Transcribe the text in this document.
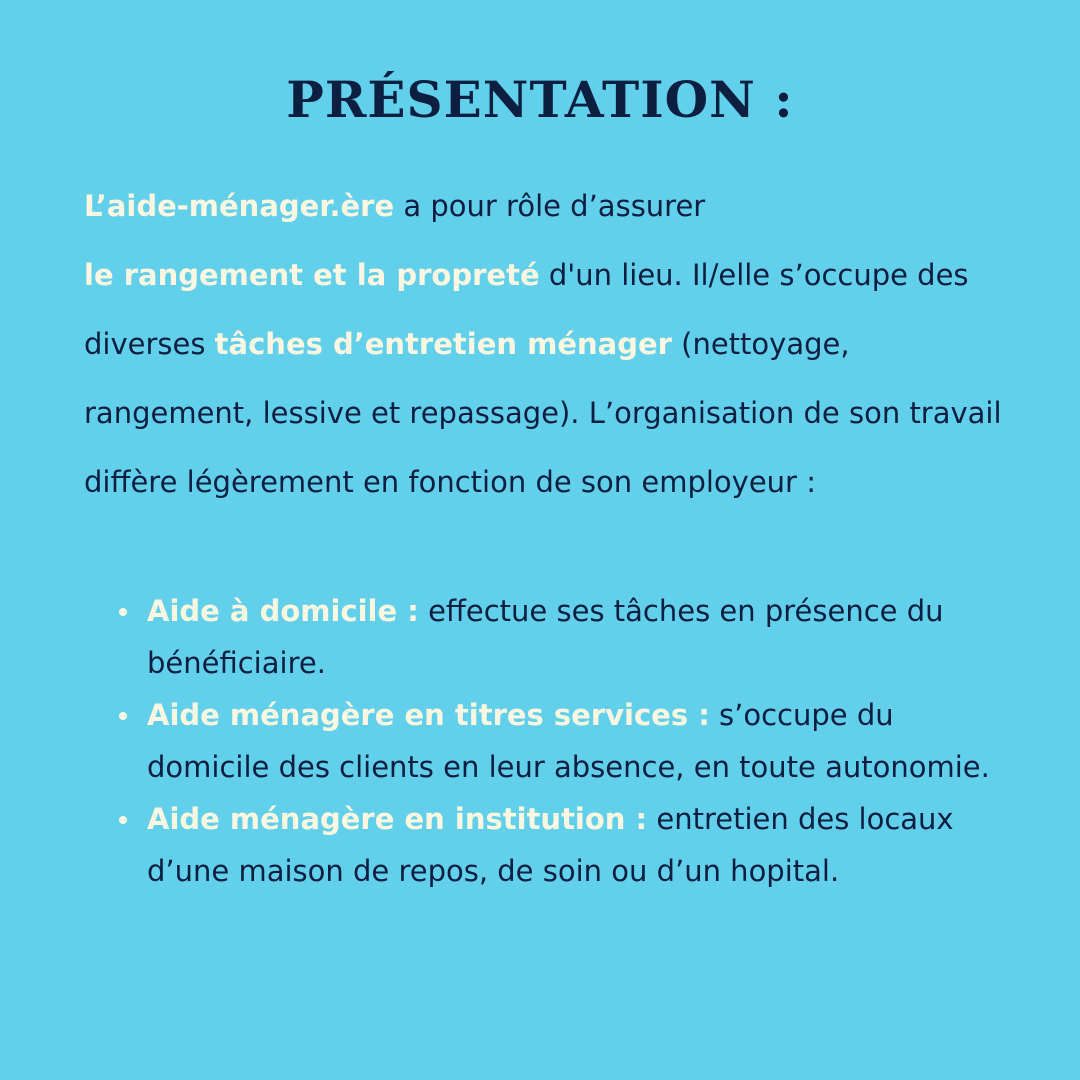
PRÉSENTATION :

L’aide-ménager.ère a pour rôle d’assurer
le rangement et la propreté d'un lieu. Il/elle s’occupe des diverses tâches d’entretien ménager (nettoyage, rangement, lessive et repassage). L’organisation de son travail diffère légèrement en fonction de son employeur :

Aide à domicile : effectue ses tâches en présence du bénéficiaire.
Aide ménagère en titres services : s’occupe du domicile des clients en leur absence, en toute autonomie.
Aide ménagère en institution : entretien des locaux d’une maison de repos, de soin ou d’un hopital.
